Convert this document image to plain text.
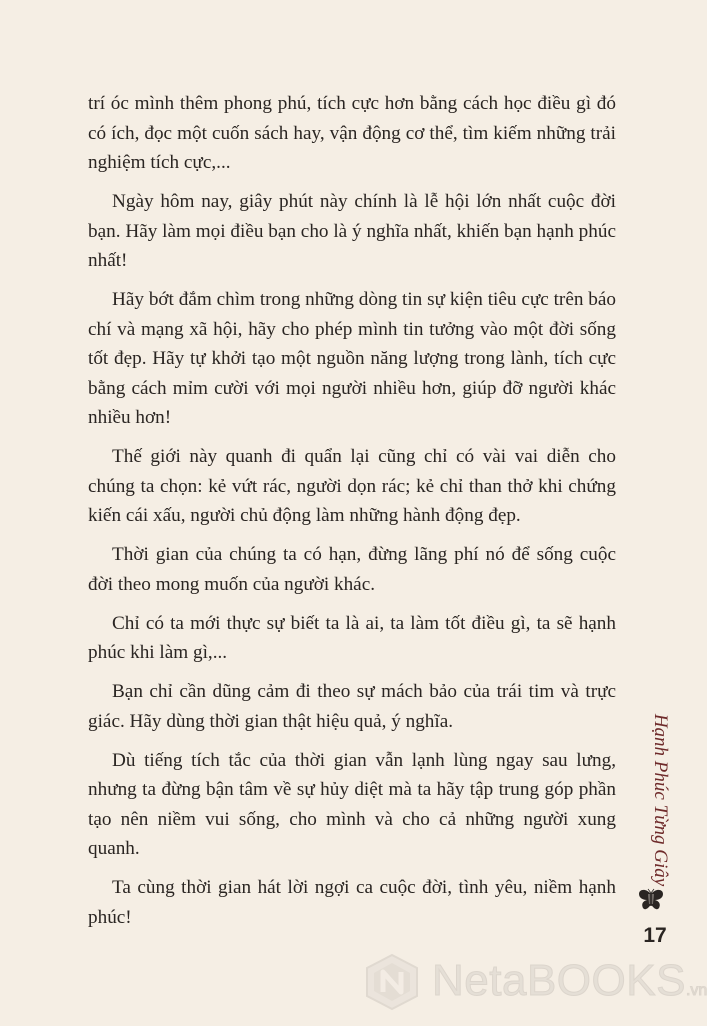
trí óc mình thêm phong phú, tích cực hơn bằng cách học điều gì đó có ích, đọc một cuốn sách hay, vận động cơ thể, tìm kiếm những trải nghiệm tích cực,...

Ngày hôm nay, giây phút này chính là lễ hội lớn nhất cuộc đời bạn. Hãy làm mọi điều bạn cho là ý nghĩa nhất, khiến bạn hạnh phúc nhất!

Hãy bớt đắm chìm trong những dòng tin sự kiện tiêu cực trên báo chí và mạng xã hội, hãy cho phép mình tin tưởng vào một đời sống tốt đẹp. Hãy tự khởi tạo một nguồn năng lượng trong lành, tích cực bằng cách mỉm cười với mọi người nhiều hơn, giúp đỡ người khác nhiều hơn!

Thế giới này quanh đi quẩn lại cũng chỉ có vài vai diễn cho chúng ta chọn: kẻ vứt rác, người dọn rác; kẻ chỉ than thở khi chứng kiến cái xấu, người chủ động làm những hành động đẹp.

Thời gian của chúng ta có hạn, đừng lãng phí nó để sống cuộc đời theo mong muốn của người khác.

Chỉ có ta mới thực sự biết ta là ai, ta làm tốt điều gì, ta sẽ hạnh phúc khi làm gì,...

Bạn chỉ cần dũng cảm đi theo sự mách bảo của trái tim và trực giác. Hãy dùng thời gian thật hiệu quả, ý nghĩa.

Dù tiếng tích tắc của thời gian vẫn lạnh lùng ngay sau lưng, nhưng ta đừng bận tâm về sự hủy diệt mà ta hãy tập trung góp phần tạo nên niềm vui sống, cho mình và cho cả những người xung quanh.

Ta cùng thời gian hát lời ngợi ca cuộc đời, tình yêu, niềm hạnh phúc!

Hạnh Phúc Từng Giây
17
NetaBOOKS.vn
